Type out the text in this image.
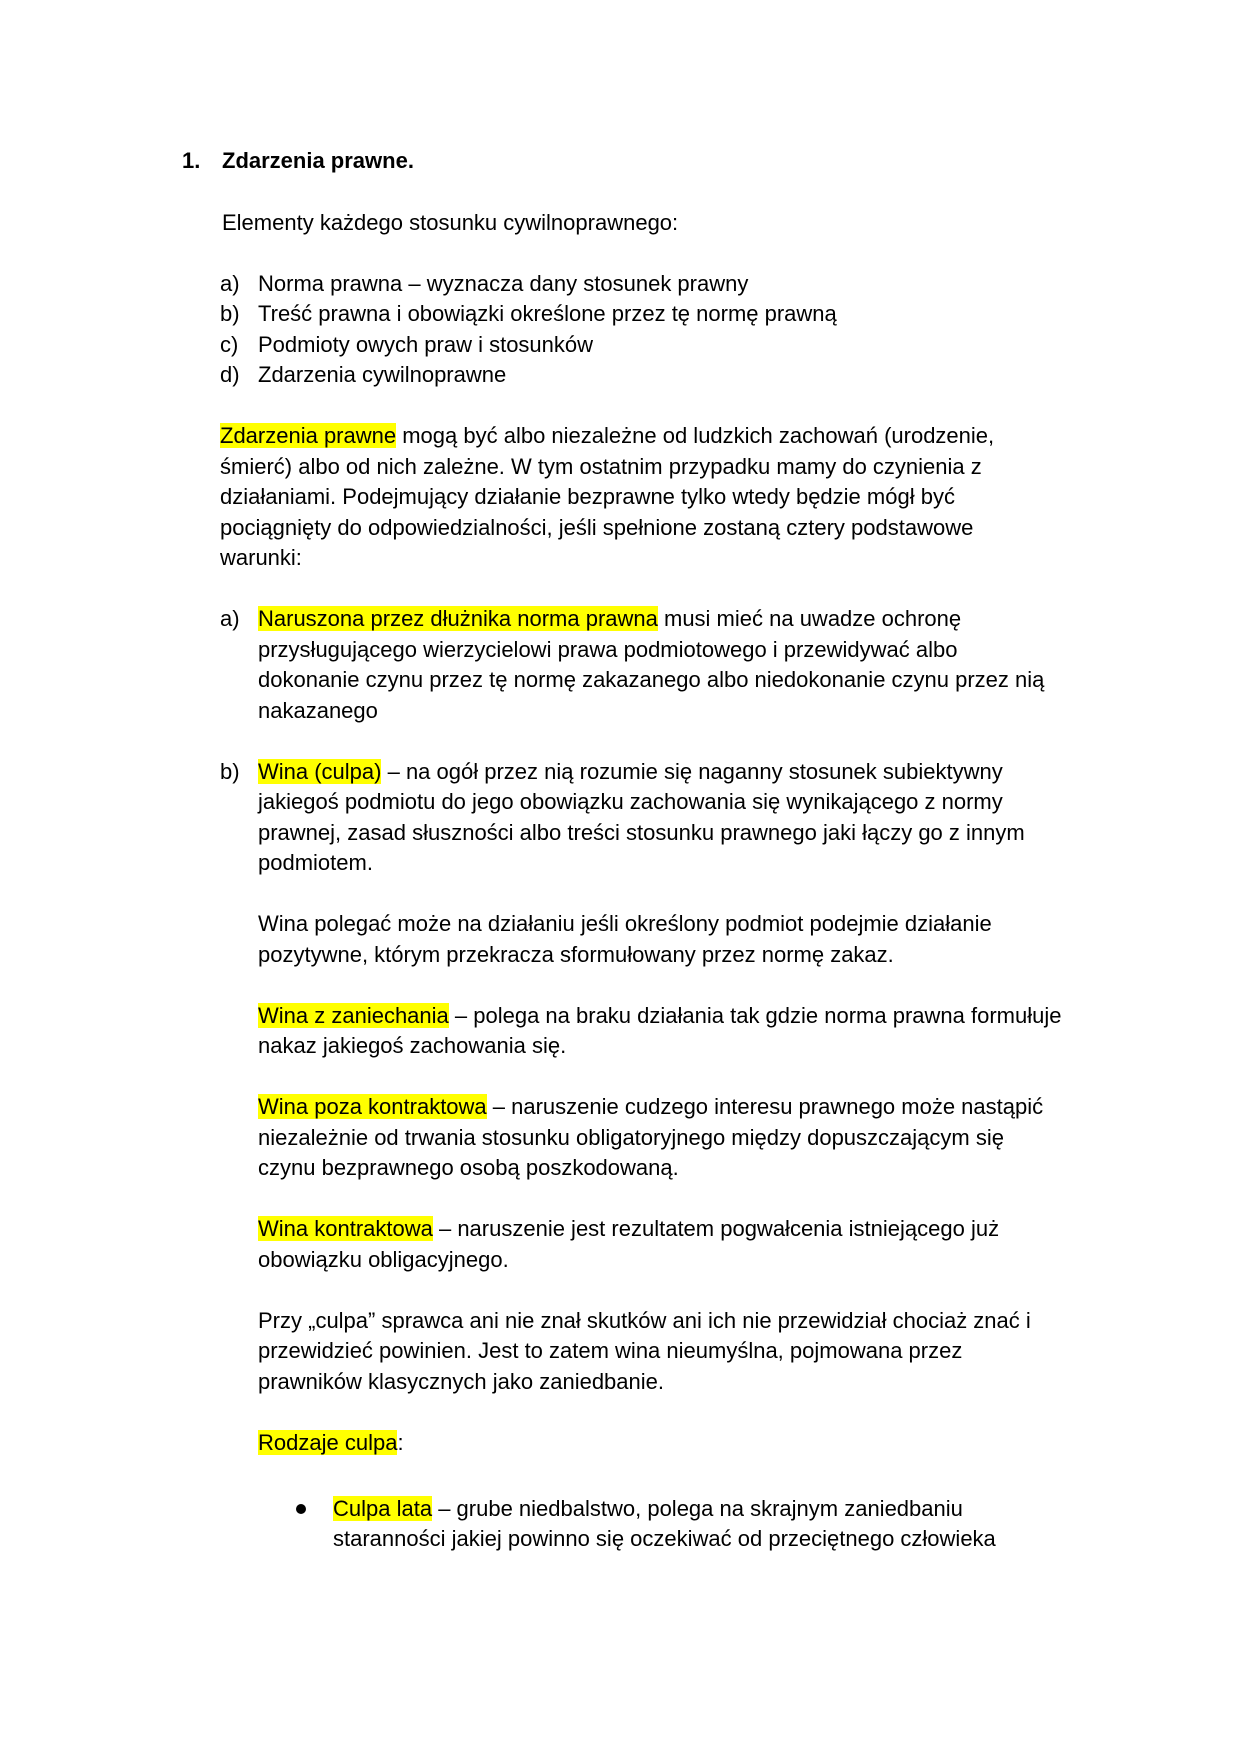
1. Zdarzenia prawne.
Elementy każdego stosunku cywilnoprawnego:
a) Norma prawna – wyznacza dany stosunek prawny
b) Treść prawna i obowiązki określone przez tę normę prawną
c) Podmioty owych praw i stosunków
d) Zdarzenia cywilnoprawne
Zdarzenia prawne mogą być albo niezależne od ludzkich zachowań (urodzenie,
śmierć) albo od nich zależne. W tym ostatnim przypadku mamy do czynienia z
działaniami. Podejmujący działanie bezprawne tylko wtedy będzie mógł być
pociągnięty do odpowiedzialności, jeśli spełnione zostaną cztery podstawowe
warunki:
a) Naruszona przez dłużnika norma prawna musi mieć na uwadze ochronę
przysługującego wierzycielowi prawa podmiotowego i przewidywać albo
dokonanie czynu przez tę normę zakazanego albo niedokonanie czynu przez nią
nakazanego
b) Wina (culpa) – na ogół przez nią rozumie się naganny stosunek subiektywny
jakiegoś podmiotu do jego obowiązku zachowania się wynikającego z normy
prawnej, zasad słuszności albo treści stosunku prawnego jaki łączy go z innym
podmiotem.
Wina polegać może na działaniu jeśli określony podmiot podejmie działanie
pozytywne, którym przekracza sformułowany przez normę zakaz.
Wina z zaniechania – polega na braku działania tak gdzie norma prawna formułuje
nakaz jakiegoś zachowania się.
Wina poza kontraktowa – naruszenie cudzego interesu prawnego może nastąpić
niezależnie od trwania stosunku obligatoryjnego między dopuszczającym się
czynu bezprawnego osobą poszkodowaną.
Wina kontraktowa – naruszenie jest rezultatem pogwałcenia istniejącego już
obowiązku obligacyjnego.
Przy „culpa” sprawca ani nie znał skutków ani ich nie przewidział chociaż znać i
przewidzieć powinien. Jest to zatem wina nieumyślna, pojmowana przez
prawników klasycznych jako zaniedbanie.
Rodzaje culpa:
Culpa lata – grube niedbalstwo, polega na skrajnym zaniedbaniu
staranności jakiej powinno się oczekiwać od przeciętnego człowieka
